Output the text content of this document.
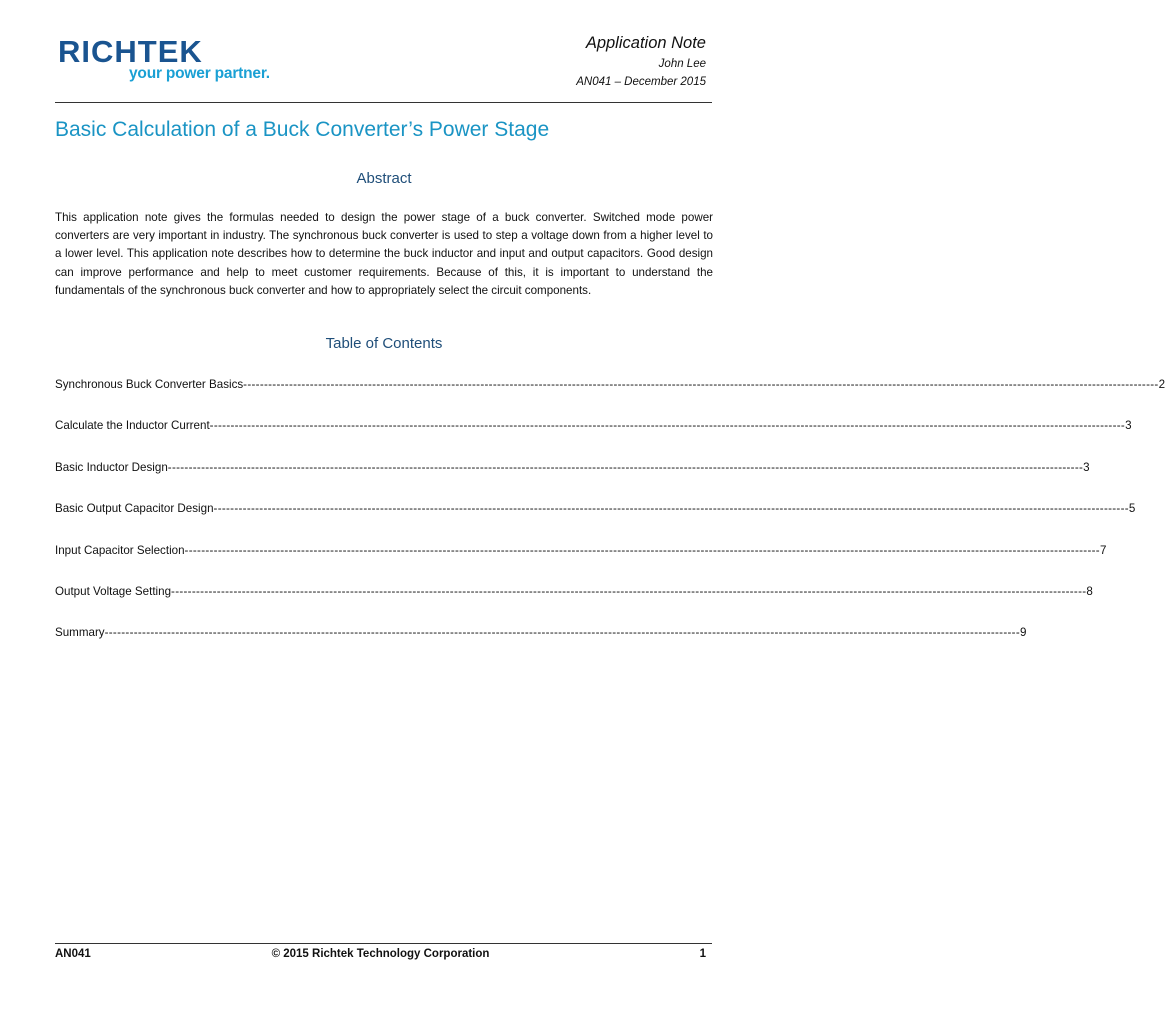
RICHTEK
your power partner.
Application Note
John Lee
AN041 – December 2015
Basic Calculation of a Buck Converter’s Power Stage
Abstract
This application note gives the formulas needed to design the power stage of a buck converter. Switched mode power converters are very important in industry. The synchronous buck converter is used to step a voltage down from a higher level to a lower level. This application note describes how to determine the buck inductor and input and output capacitors. Good design can improve performance and help to meet customer requirements. Because of this, it is important to understand the fundamentals of the synchronous buck converter and how to appropriately select the circuit components.
Table of Contents
Synchronous Buck Converter Basics ---------------------------------------------------------------------------------------------------------------------------------------------------------------------------------------------------------------------------- 2
Calculate the Inductor Current ---------------------------------------------------------------------------------------------------------------------------------------------------------------------------------------------------------------------------- 3
Basic Inductor Design ---------------------------------------------------------------------------------------------------------------------------------------------------------------------------------------------------------------------------- 3
Basic Output Capacitor Design ---------------------------------------------------------------------------------------------------------------------------------------------------------------------------------------------------------------------------- 5
Input Capacitor Selection ---------------------------------------------------------------------------------------------------------------------------------------------------------------------------------------------------------------------------- 7
Output Voltage Setting ---------------------------------------------------------------------------------------------------------------------------------------------------------------------------------------------------------------------------- 8
Summary ---------------------------------------------------------------------------------------------------------------------------------------------------------------------------------------------------------------------------- 9
AN041	© 2015 Richtek Technology Corporation	1
